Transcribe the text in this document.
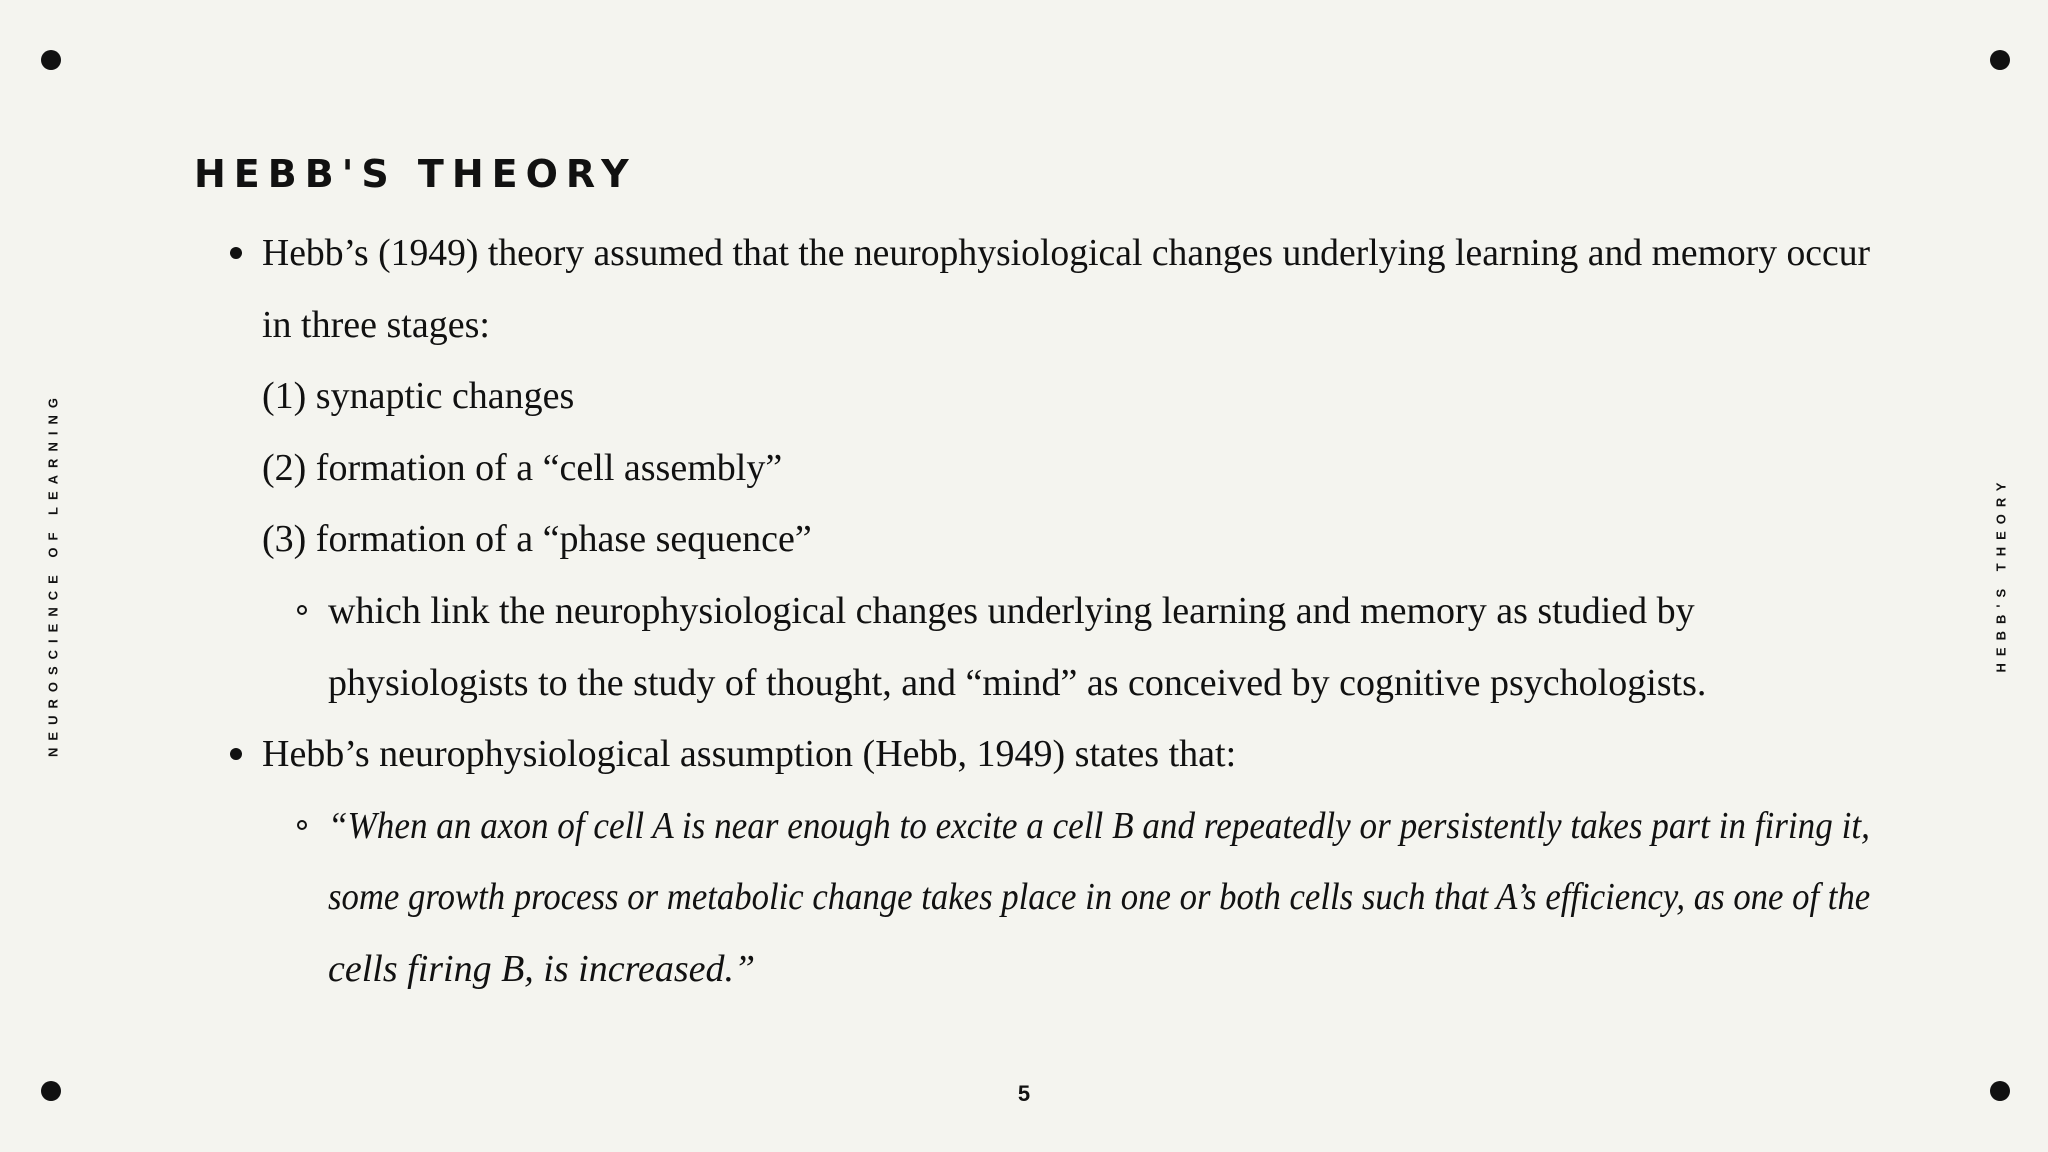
NEUROSCIENCE OF LEARNING	HEBB'S THEORY
HEBB'S THEORY
Hebb’s (1949) theory assumed that the neurophysiological changes underlying learning and memory occur
in three stages:
(1) synaptic changes
(2) formation of a “cell assembly”
(3) formation of a “phase sequence”
which link the neurophysiological changes underlying learning and memory as studied by
physiologists to the study of thought, and “mind” as conceived by cognitive psychologists.
Hebb’s neurophysiological assumption (Hebb, 1949) states that:
“When an axon of cell A is near enough to excite a cell B and repeatedly or persistently takes part in firing it,
some growth process or metabolic change takes place in one or both cells such that A’s efficiency, as one of the
cells firing B, is increased.”
5
